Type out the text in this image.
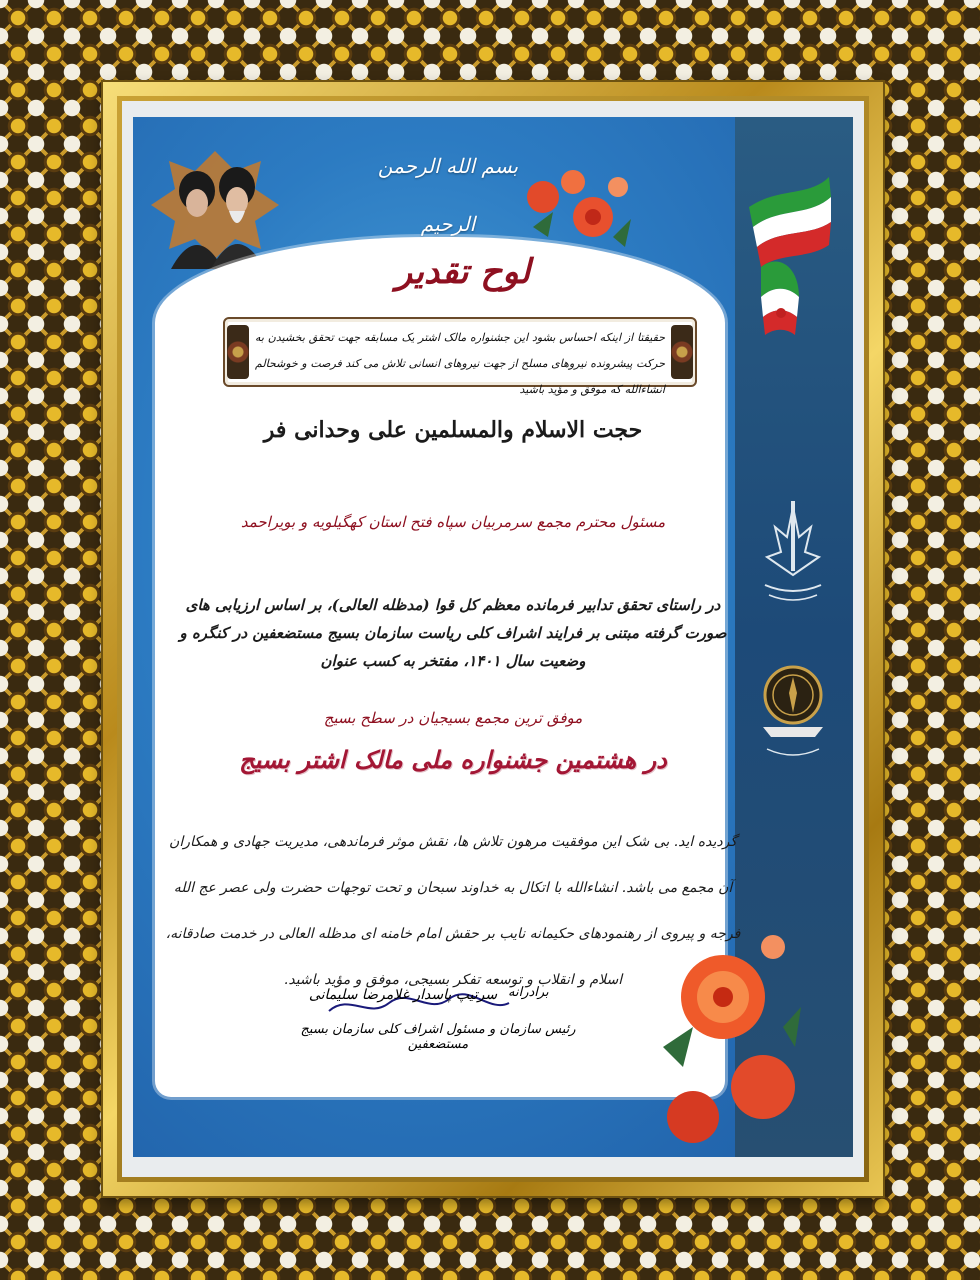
بسم الله الرحمن الرحیم
لوح تقدیر
حقیقتا از اینکه احساس بشود این جشنواره مالک اشتر یک مسابقه جهت تحقق بخشیدن به حرکت پیشرونده نیروهای مسلح از جهت نیروهای انسانی تلاش می کند فرصت و خوشحالم انشاءالله که موفق و مؤید باشید
حجت الاسلام والمسلمین علی وحدانی فر
مسئول محترم مجمع سرمربیان سپاه فتح استان کهگیلویه و بویراحمد
در راستای تحقق تدابیر فرمانده معظم کل قوا (مدظله العالی)، بر اساس ارزیابی های صورت گرفته مبتنی بر فرایند اشراف کلی ریاست سازمان بسیج مستضعفین در کنگره و وضعیت سال ۱۴۰۱، مفتخر به کسب عنوان
موفق ترین مجمع بسیجیان در سطح بسیج
در هشتمین جشنواره ملی مالک اشتر بسیج
گردیده اید. بی شک این موفقیت مرهون تلاش ها، نقش موثر فرماندهی، مدیریت جهادی و همکاران آن مجمع می باشد. انشاءالله با اتکال به خداوند سبحان و تحت توجهات حضرت ولی عصر عج الله فرجه و پیروی از رهنمودهای حکیمانه نایب بر حقش امام خامنه ای مدظله العالی در خدمت صادقانه، اسلام و انقلاب و توسعه تفکر بسیجی، موفق و مؤید باشید.
برادرانه
سرتیپ پاسدار غلامرضا سلیمانی
رئیس سازمان و مسئول اشراف کلی سازمان بسیج مستضعفین
